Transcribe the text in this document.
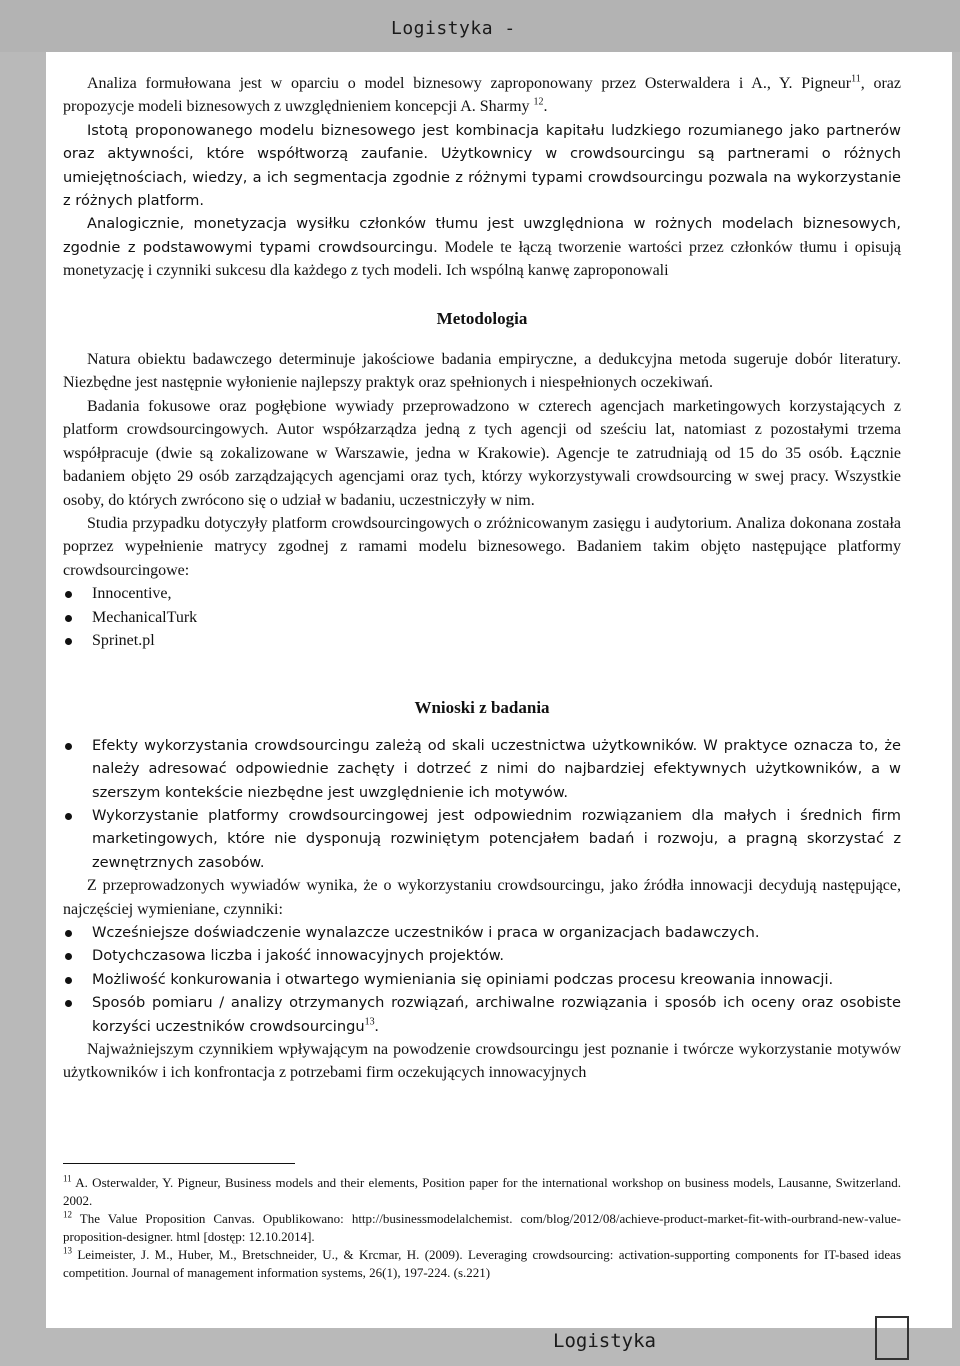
Logistyka -

Analiza formułowana jest w oparciu o model biznesowy zaproponowany przez Osterwaldera i A., Y. Pigneur$^{11}$, oraz propozycje modeli biznesowych z uwzględnieniem koncepcji A. Sharmy $^{12}$.

Istotą proponowanego modelu biznesowego jest kombinacja kapitału ludzkiego rozumianego jako partnerów oraz aktywności, które współtworzą zaufanie. Użytkownicy w crowdsourcingu są partnerami o różnych umiejętnościach, wiedzy, a ich segmentacja zgodnie z różnymi typami crowdsourcingu pozwala na wykorzystanie z różnych platform.

Analogicznie, monetyzacja wysiłku członków tłumu jest uwzględniona w rożnych modelach biznesowych, zgodnie z podstawowymi typami crowdsourcingu. Modele te łączą tworzenie wartości przez członków tłumu i opisują monetyzację i czynniki sukcesu dla każdego z tych modeli. Ich wspólną kanwę zaproponowali

Metodologia

Natura obiektu badawczego determinuje jakościowe badania empiryczne, a dedukcyjna metoda sugeruje dobór literatury. Niezbędne jest następnie wyłonienie najlepszy praktyk oraz spełnionych i niespełnionych oczekiwań.

Badania fokusowe oraz pogłębione wywiady przeprowadzono w czterech agencjach marketingowych korzystających z platform crowdsourcingowych. Autor współzarządza jedną z tych agencji od sześciu lat, natomiast z pozostałymi trzema współpracuje (dwie są zokalizowane w Warszawie, jedna w Krakowie). Agencje te zatrudniają od 15 do 35 osób. Łącznie badaniem objęto 29 osób zarządzających agencjami oraz tych, którzy wykorzystywali crowdsourcing w swej pracy. Wszystkie osoby, do których zwrócono się o udział w badaniu, uczestniczyły w nim.

Studia przypadku dotyczyły platform crowdsourcingowych o zróżnicowanym zasięgu i audytorium. Analiza dokonana została poprzez wypełnienie matrycy zgodnej z ramami modelu biznesowego. Badaniem takim objęto następujące platformy crowdsourcingowe:

Innocentive,
MechanicalTurk
Sprinet.pl

Wnioski z badania

Efekty wykorzystania crowdsourcingu zależą od skali uczestnictwa użytkowników. W praktyce oznacza to, że należy adresować odpowiednie zachęty i dotrzeć z nimi do najbardziej efektywnych użytkowników, a w szerszym kontekście niezbędne jest uwzględnienie ich motywów.
Wykorzystanie platformy crowdsourcingowej jest odpowiednim rozwiązaniem dla małych i średnich firm marketingowych, które nie dysponują rozwiniętym potencjałem badań i rozwoju, a pragną skorzystać z zewnętrznych zasobów.

Z przeprowadzonych wywiadów wynika, że o wykorzystaniu crowdsourcingu, jako źródła innowacji decydują następujące, najczęściej wymieniane, czynniki:

Wcześniejsze doświadczenie wynalazcze uczestników i praca w organizacjach badawczych.
Dotychczasowa liczba i jakość innowacyjnych projektów.
Możliwość konkurowania i otwartego wymieniania się opiniami podczas procesu kreowania innowacji.
Sposób pomiaru / analizy otrzymanych rozwiązań, archiwalne rozwiązania i sposób ich oceny oraz osobiste korzyści uczestników crowdsourcingu$^{13}$.

Najważniejszym czynnikiem wpływającym na powodzenie crowdsourcingu jest poznanie i twórcze wykorzystanie motywów użytkowników i ich konfrontacja z potrzebami firm oczekujących innowacyjnych

$^{11}$ A. Osterwalder, Y. Pigneur, Business models and their elements, Position paper for the international workshop on business models, Lausanne, Switzerland. 2002.

$^{12}$ The Value Proposition Canvas. Opublikowano: http://businessmodelalchemist. com/blog/2012/08/achieve-product-market-fit-with-ourbrand-new-value-proposition-designer. html [dostęp: 12.10.2014].

$^{13}$ Leimeister, J. M., Huber, M., Bretschneider, U., & Krcmar, H. (2009). Leveraging crowdsourcing: activation-supporting components for IT-based ideas competition. Journal of management information systems, 26(1), 197-224. (s.221)

Logistyka
